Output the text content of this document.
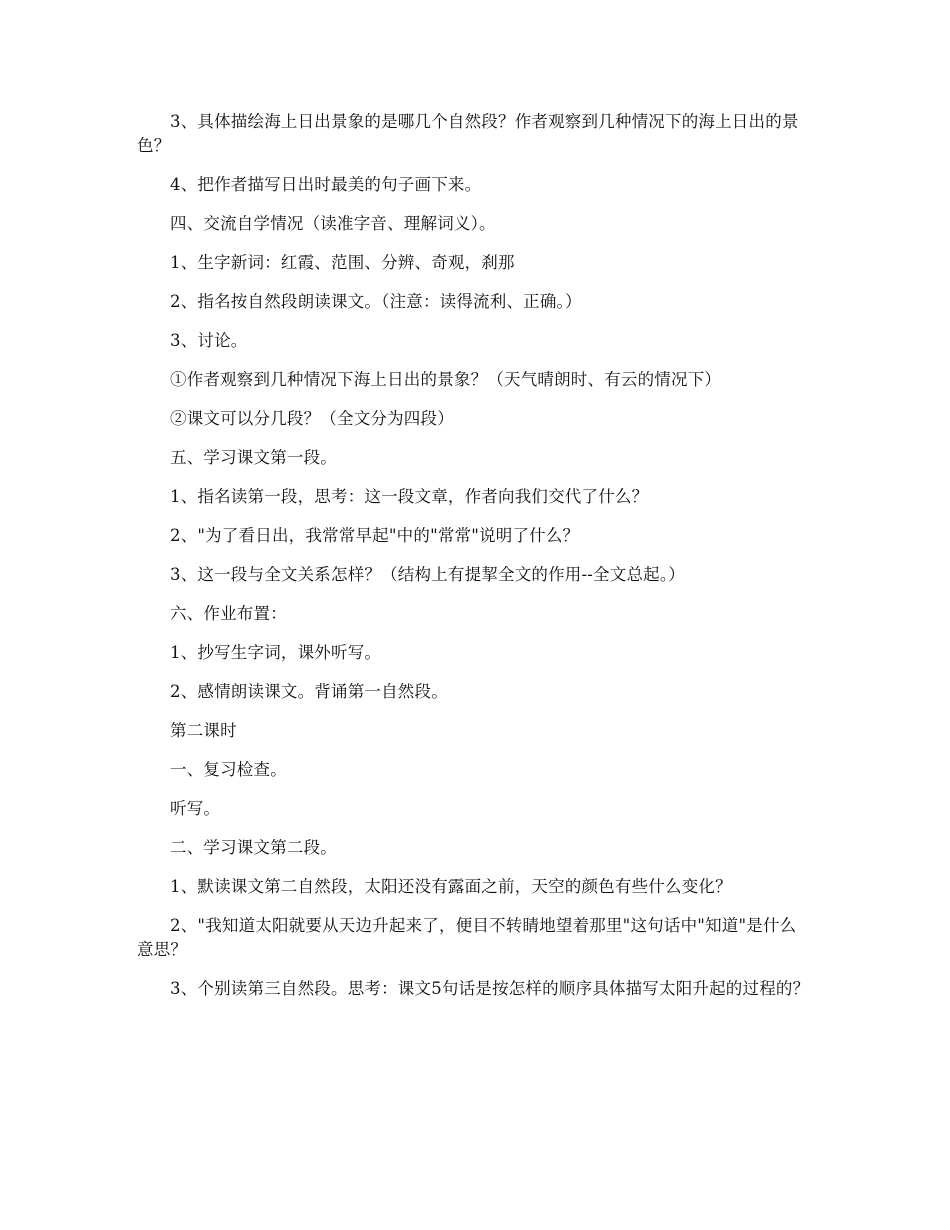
3、具体描绘海上日出景象的是哪几个自然段？作者观察到几种情况下的海上日出的景色？

4、把作者描写日出时最美的句子画下来。

四、交流自学情况（读准字音、理解词义）。

1、生字新词：红霞、范围、分辨、奇观，刹那

2、指名按自然段朗读课文。（注意：读得流利、正确。）

3、讨论。

①作者观察到几种情况下海上日出的景象？（天气晴朗时、有云的情况下）

②课文可以分几段？（全文分为四段）

五、学习课文第一段。

1、指名读第一段，思考：这一段文章，作者向我们交代了什么？

2、"为了看日出，我常常早起"中的"常常"说明了什么？

3、这一段与全文关系怎样？（结构上有提挈全文的作用--全文总起。）

六、作业布置：

1、抄写生字词，课外听写。

2、感情朗读课文。背诵第一自然段。

第二课时

一、复习检查。

听写。

二、学习课文第二段。

1、默读课文第二自然段，太阳还没有露面之前，天空的颜色有些什么变化？

2、"我知道太阳就要从天边升起来了，便目不转睛地望着那里"这句话中"知道"是什么意思？

3、个别读第三自然段。思考：课文5句话是按怎样的顺序具体描写太阳升起的过程的？
